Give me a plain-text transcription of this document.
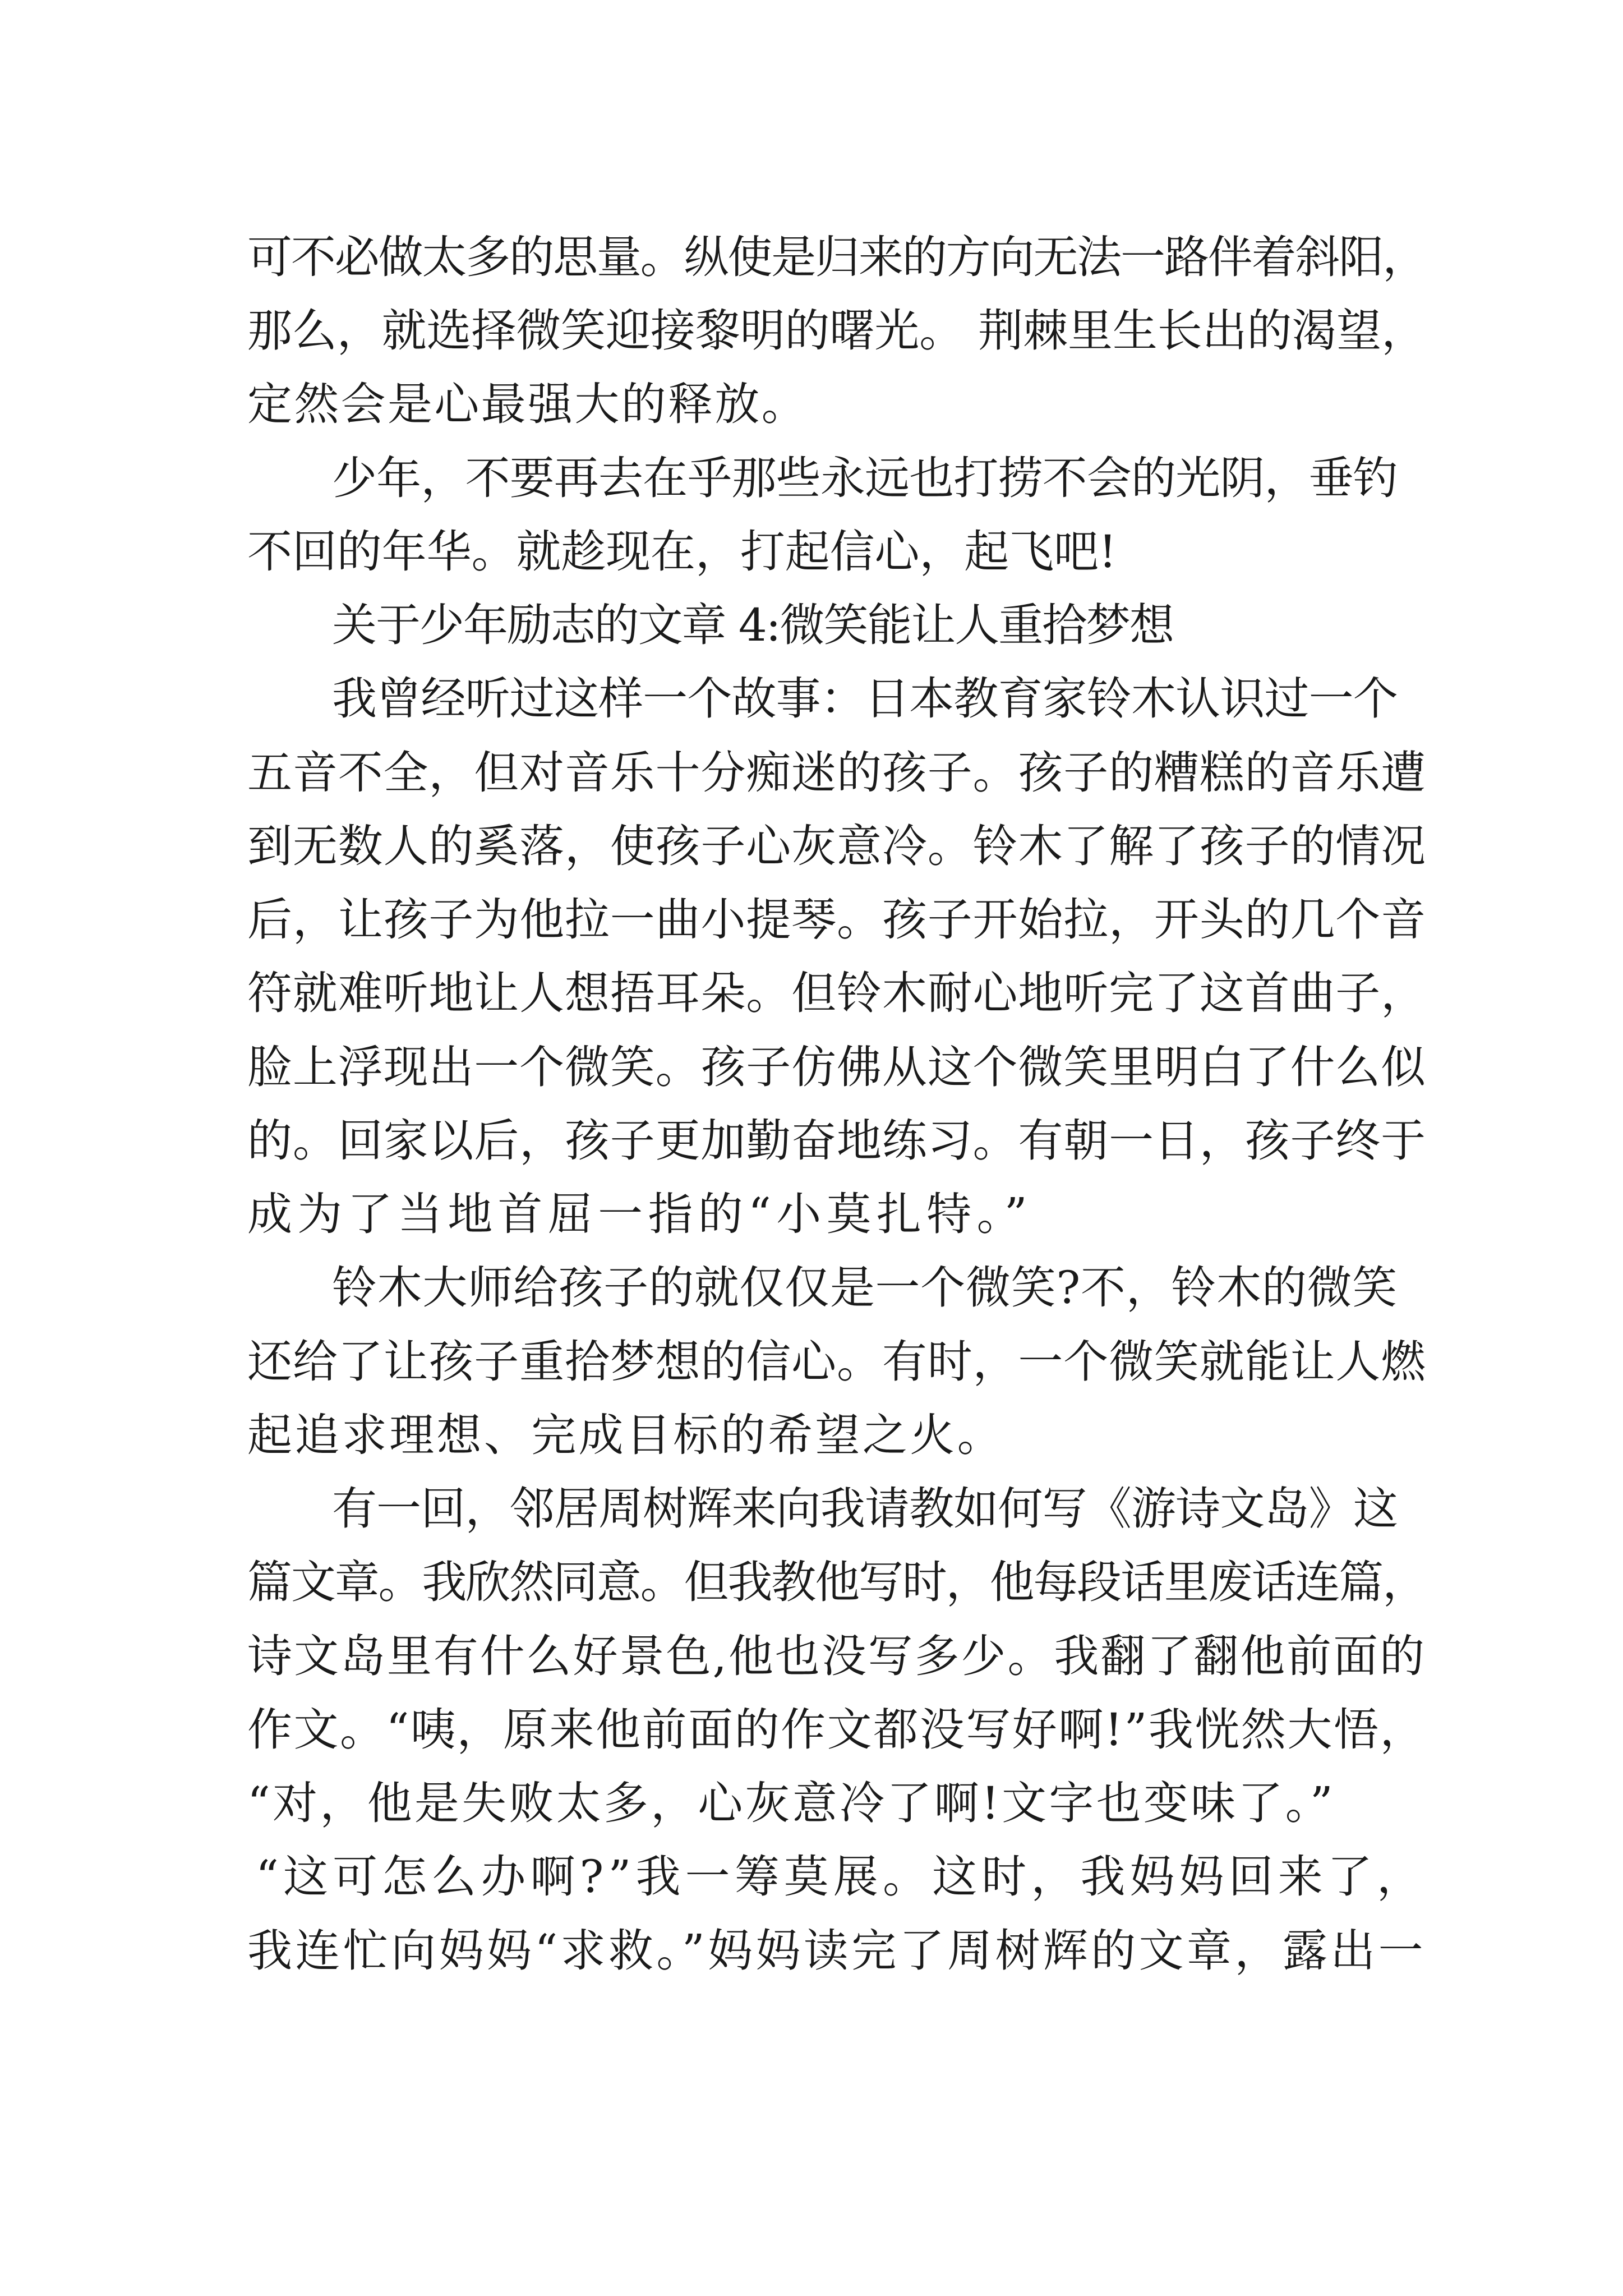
可不必做太多的思量。纵使是归来的方向无法一路伴着斜阳，
那么，就选择微笑迎接黎明的曙光。 荆棘里生长出的渴望，
定然会是心最强大的释放。
少年，不要再去在乎那些永远也打捞不会的光阴，垂钓
不回的年华。就趁现在，打起信心，起飞吧!
关于少年励志的文章 4:微笑能让人重拾梦想
我曾经听过这样一个故事：日本教育家铃木认识过一个
五音不全，但对音乐十分痴迷的孩子。孩子的糟糕的音乐遭
到无数人的奚落，使孩子心灰意冷。铃木了解了孩子的情况
后，让孩子为他拉一曲小提琴。孩子开始拉，开头的几个音
符就难听地让人想捂耳朵。但铃木耐心地听完了这首曲子，
脸上浮现出一个微笑。孩子仿佛从这个微笑里明白了什么似
的。回家以后，孩子更加勤奋地练习。有朝一日，孩子终于
成为了当地首屈一指的“小莫扎特。”
铃木大师给孩子的就仅仅是一个微笑?不，铃木的微笑
还给了让孩子重拾梦想的信心。有时，一个微笑就能让人燃
起追求理想、完成目标的希望之火。
有一回，邻居周树辉来向我请教如何写《游诗文岛》这
篇文章。我欣然同意。但我教他写时，他每段话里废话连篇，
诗文岛里有什么好景色,他也没写多少。我翻了翻他前面的
作文。“咦，原来他前面的作文都没写好啊!”我恍然大悟，
“对，他是失败太多，心灰意冷了啊!文字也变味了。”
“这可怎么办啊?”我一筹莫展。这时，我妈妈回来了，
我连忙向妈妈“求救。”妈妈读完了周树辉的文章，露出一
